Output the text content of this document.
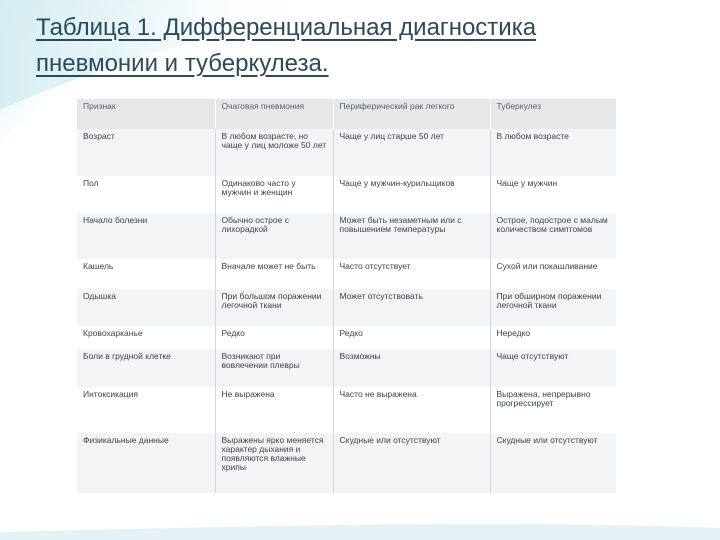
Таблица 1. Дифференциальная диагностика
пневмонии и туберкулеза.
Признак	Очаговая пневмония	Периферический рак легкого	Туберкулез
Возраст	В любом возрасте, но чаще у лиц моложе 50 лет	Чаще у лиц старше 50 лет	В любом возрасте
Пол	Одинаково часто у мужчин и женщин	Чаще у мужчин-курильщиков	Чаще у мужчин
Начало болезни	Обычно острое с лихорадкой	Может быть незаметным или с повышением температуры	Острое, подострое с малым количеством симптомов
Кашель	Вначале может не быть	Часто отсутствует	Сухой или покашливание
Одышка	При большом поражении легочной ткани	Может отсутствовать	При обширном поражении легочной ткани
Кровохарканье	Редко	Редко	Нередко
Боли в грудной клетке	Возникают при вовлечении плевры	Возможны	Чаще отсутствуют
Интоксикация	Не выражена	Часто не выражена	Выражена, непрерывно прогрессирует
Физикальные данные	Выражены ярко меняется характер дыхания и появляются влажные хрипы	Скудные или отсутствуют	Скудные или отсутствуют
